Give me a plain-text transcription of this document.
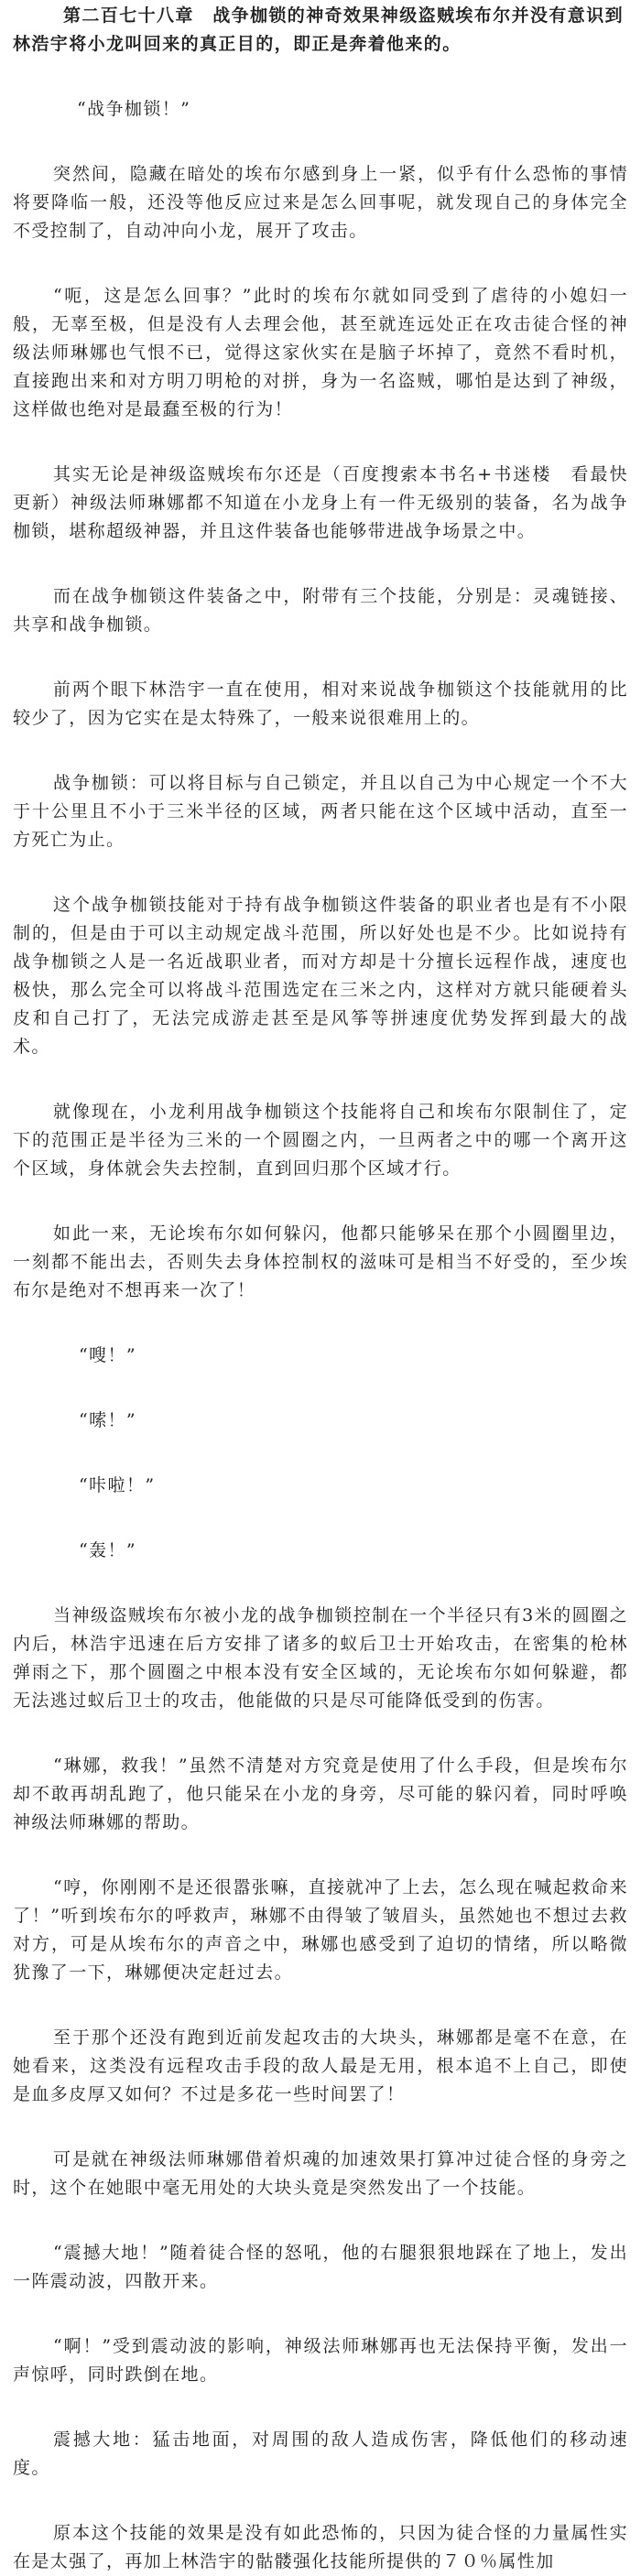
第二百七十八章　战争枷锁的神奇效果神级盗贼埃布尔并没有意识到林浩宇将小龙叫回来的真正目的，即正是奔着他来的。

“战争枷锁！”

突然间，隐藏在暗处的埃布尔感到身上一紧，似乎有什么恐怖的事情将要降临一般，还没等他反应过来是怎么回事呢，就发现自己的身体完全不受控制了，自动冲向小龙，展开了攻击。

“呃，这是怎么回事？”此时的埃布尔就如同受到了虐待的小媳妇一般，无辜至极，但是没有人去理会他，甚至就连远处正在攻击徒合怪的神级法师琳娜也气恨不已，觉得这家伙实在是脑子坏掉了，竟然不看时机，直接跑出来和对方明刀明枪的对拼，身为一名盗贼，哪怕是达到了神级，这样做也绝对是最蠢至极的行为！

其实无论是神级盗贼埃布尔还是（百度搜索本书名+书迷楼　看最快更新）神级法师琳娜都不知道在小龙身上有一件无级别的装备，名为战争枷锁，堪称超级神器，并且这件装备也能够带进战争场景之中。

而在战争枷锁这件装备之中，附带有三个技能，分别是：灵魂链接、共享和战争枷锁。

前两个眼下林浩宇一直在使用，相对来说战争枷锁这个技能就用的比较少了，因为它实在是太特殊了，一般来说很难用上的。

战争枷锁：可以将目标与自己锁定，并且以自己为中心规定一个不大于十公里且不小于三米半径的区域，两者只能在这个区域中活动，直至一方死亡为止。

这个战争枷锁技能对于持有战争枷锁这件装备的职业者也是有不小限制的，但是由于可以主动规定战斗范围，所以好处也是不少。比如说持有战争枷锁之人是一名近战职业者，而对方却是十分擅长远程作战，速度也极快，那么完全可以将战斗范围选定在三米之内，这样对方就只能硬着头皮和自己打了，无法完成游走甚至是风筝等拼速度优势发挥到最大的战术。

就像现在，小龙利用战争枷锁这个技能将自己和埃布尔限制住了，定下的范围正是半径为三米的一个圆圈之内，一旦两者之中的哪一个离开这个区域，身体就会失去控制，直到回归那个区域才行。

如此一来，无论埃布尔如何躲闪，他都只能够呆在那个小圆圈里边，一刻都不能出去，否则失去身体控制权的滋味可是相当不好受的，至少埃布尔是绝对不想再来一次了！

“嗖！”

“嗦！”

“咔啦！”

“轰！”

当神级盗贼埃布尔被小龙的战争枷锁控制在一个半径只有3米的圆圈之内后，林浩宇迅速在后方安排了诸多的蚁后卫士开始攻击，在密集的枪林弹雨之下，那个圆圈之中根本没有安全区域的，无论埃布尔如何躲避，都无法逃过蚁后卫士的攻击，他能做的只是尽可能降低受到的伤害。

“琳娜，救我！”虽然不清楚对方究竟是使用了什么手段，但是埃布尔却不敢再胡乱跑了，他只能呆在小龙的身旁，尽可能的躲闪着，同时呼唤神级法师琳娜的帮助。

“哼，你刚刚不是还很嚣张嘛，直接就冲了上去，怎么现在喊起救命来了！”听到埃布尔的呼救声，琳娜不由得皱了皱眉头，虽然她也不想过去救对方，可是从埃布尔的声音之中，琳娜也感受到了迫切的情绪，所以略微犹豫了一下，琳娜便决定赶过去。

至于那个还没有跑到近前发起攻击的大块头，琳娜都是毫不在意，在她看来，这类没有远程攻击手段的敌人最是无用，根本追不上自己，即使是血多皮厚又如何？不过是多花一些时间罢了！

可是就在神级法师琳娜借着炽魂的加速效果打算冲过徒合怪的身旁之时，这个在她眼中毫无用处的大块头竟是突然发出了一个技能。

“震撼大地！”随着徒合怪的怒吼，他的右腿狠狠地踩在了地上，发出一阵震动波，四散开来。

“啊！”受到震动波的影响，神级法师琳娜再也无法保持平衡，发出一声惊呼，同时跌倒在地。

震撼大地：猛击地面，对周围的敌人造成伤害，降低他们的移动速度。

原本这个技能的效果是没有如此恐怖的，只因为徒合怪的力量属性实在是太强了，再加上林浩宇的骷髅强化技能所提供的７０％属性加
